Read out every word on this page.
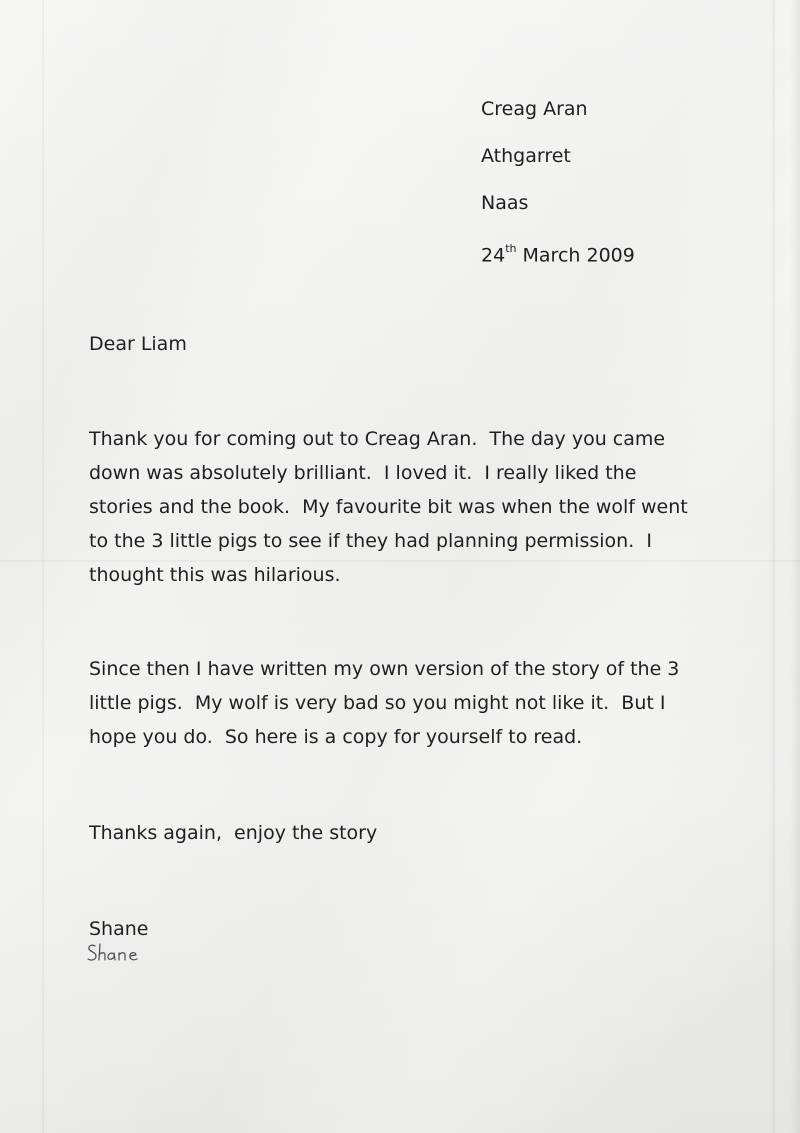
Creag Aran
Athgarret
Naas
24th March 2009
Dear Liam
Thank you for coming out to Creag Aran.  The day you came
down was absolutely brilliant.  I loved it.  I really liked the
stories and the book.  My favourite bit was when the wolf went
to the 3 little pigs to see if they had planning permission.  I
thought this was hilarious.
Since then I have written my own version of the story of the 3
little pigs.  My wolf is very bad so you might not like it.  But I
hope you do.  So here is a copy for yourself to read.
Thanks again,  enjoy the story
Shane
